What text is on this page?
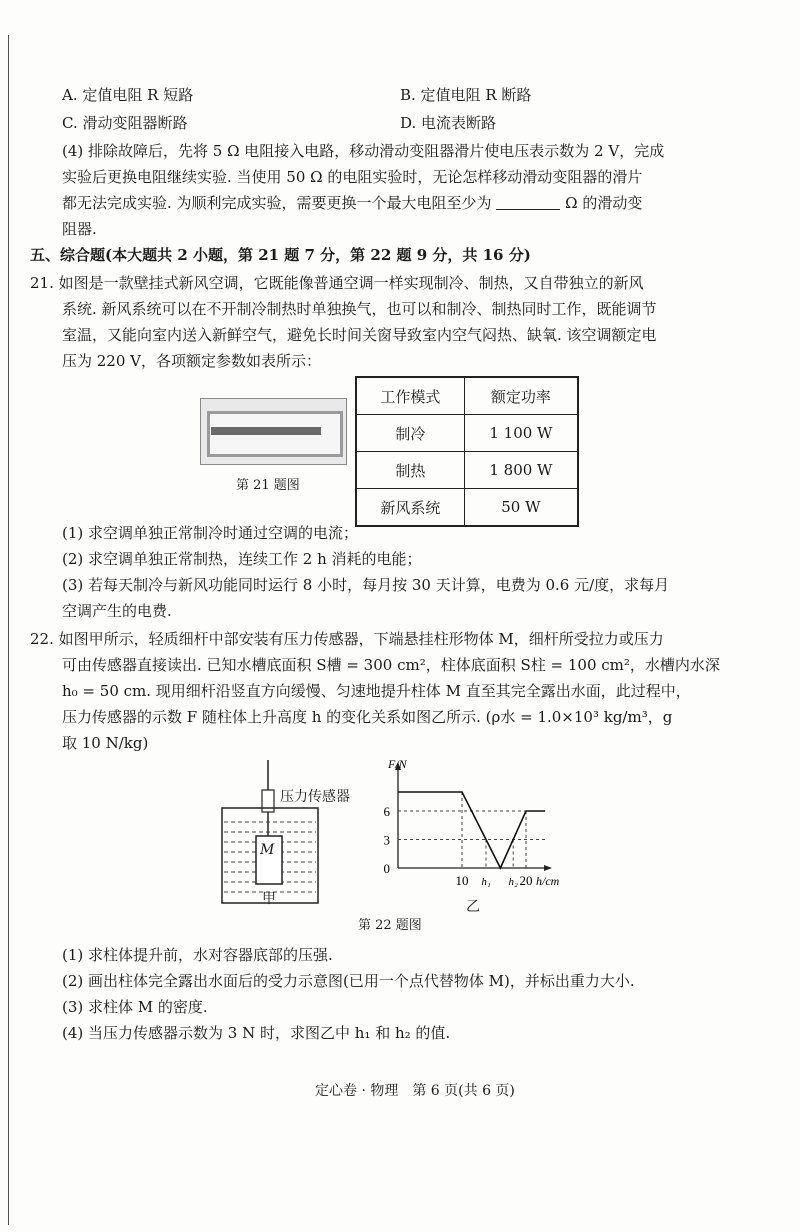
A. 定值电阻 R 短路	B. 定值电阻 R 断路
C. 滑动变阻器断路	D. 电流表断路
(4) 排除故障后，先将 5 Ω 电阻接入电路，移动滑动变阻器滑片使电压表示数为 2 V，完成
实验后更换电阻继续实验. 当使用 50 Ω 的电阻实验时，无论怎样移动滑动变阻器的滑片
都无法完成实验. 为顺利完成实验，需要更换一个最大电阻至少为	Ω 的滑动变
阻器.
五、综合题(本大题共 2 小题，第 21 题 7 分，第 22 题 9 分，共 16 分)
21. 如图是一款壁挂式新风空调，它既能像普通空调一样实现制冷、制热，又自带独立的新风
系统. 新风系统可以在不开制冷制热时单独换气，也可以和制冷、制热同时工作，既能调节
室温，又能向室内送入新鲜空气，避免长时间关窗导致室内空气闷热、缺氧. 该空调额定电
压为 220 V，各项额定参数如表所示：
第 21 题图
工作模式	额定功率
制冷	1 100 W
制热	1 800 W
新风系统	50 W
(1) 求空调单独正常制冷时通过空调的电流；
(2) 求空调单独正常制热，连续工作 2 h 消耗的电能；
(3) 若每天制冷与新风功能同时运行 8 小时，每月按 30 天计算，电费为 0.6 元/度，求每月
空调产生的电费.
22. 如图甲所示，轻质细杆中部安装有压力传感器，下端悬挂柱形物体 M，细杆所受拉力或压力
可由传感器直接读出. 已知水槽底面积 S槽 = 300 cm²，柱体底面积 S柱 = 100 cm²，水槽内水深
h₀ = 50 cm. 现用细杆沿竖直方向缓慢、匀速地提升柱体 M 直至其完全露出水面，此过程中，
压力传感器的示数 F 随柱体上升高度 h 的变化关系如图乙所示. (ρ水 = 1.0×10³ kg/m³，g
取 10 N/kg)
压力传感器
M
甲
0
3
6
10 h₁ h₂ 20
F/N
h/cm
乙
第 22 题图
(1) 求柱体提升前，水对容器底部的压强.
(2) 画出柱体完全露出水面后的受力示意图(已用一个点代替物体 M)，并标出重力大小.
(3) 求柱体 M 的密度.
(4) 当压力传感器示数为 3 N 时，求图乙中 h₁ 和 h₂ 的值.
定心卷 · 物理　第 6 页(共 6 页)
